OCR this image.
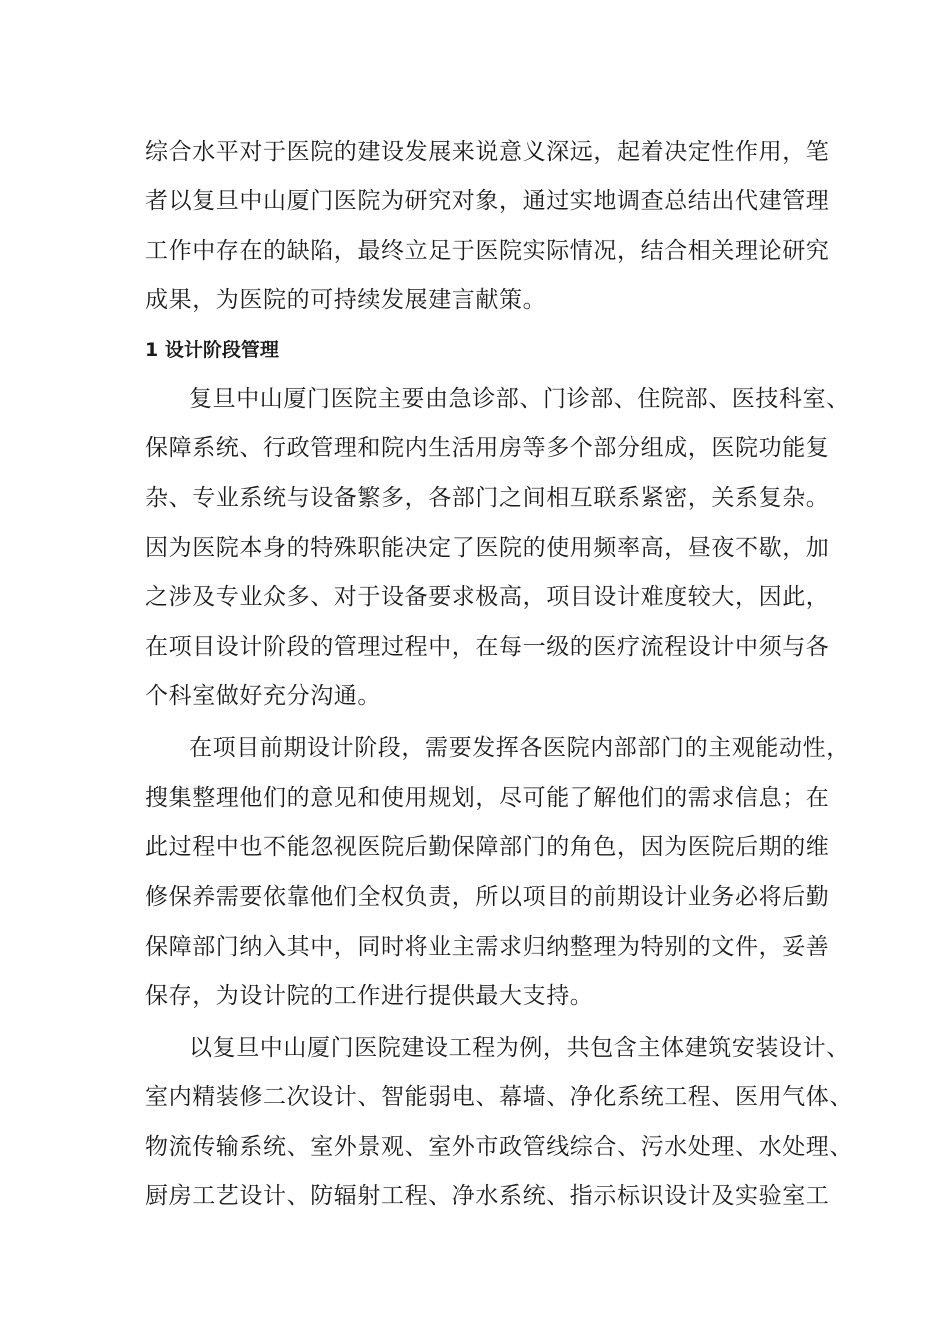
综合水平对于医院的建设发展来说意义深远，起着决定性作用，笔
者以复旦中山厦门医院为研究对象，通过实地调查总结出代建管理
工作中存在的缺陷，最终立足于医院实际情况，结合相关理论研究
成果，为医院的可持续发展建言献策。
1 设计阶段管理
复旦中山厦门医院主要由急诊部、门诊部、住院部、医技科室、
保障系统、行政管理和院内生活用房等多个部分组成，医院功能复
杂、专业系统与设备繁多，各部门之间相互联系紧密，关系复杂。
因为医院本身的特殊职能决定了医院的使用频率高，昼夜不歇，加
之涉及专业众多、对于设备要求极高，项目设计难度较大，因此，
在项目设计阶段的管理过程中，在每一级的医疗流程设计中须与各
个科室做好充分沟通。
在项目前期设计阶段，需要发挥各医院内部部门的主观能动性，
搜集整理他们的意见和使用规划，尽可能了解他们的需求信息；在
此过程中也不能忽视医院后勤保障部门的角色，因为医院后期的维
修保养需要依靠他们全权负责，所以项目的前期设计业务必将后勤
保障部门纳入其中，同时将业主需求归纳整理为特别的文件，妥善
保存，为设计院的工作进行提供最大支持。
以复旦中山厦门医院建设工程为例，共包含主体建筑安装设计、
室内精装修二次设计、智能弱电、幕墙、净化系统工程、医用气体、
物流传输系统、室外景观、室外市政管线综合、污水处理、水处理、
厨房工艺设计、防辐射工程、净水系统、指示标识设计及实验室工
